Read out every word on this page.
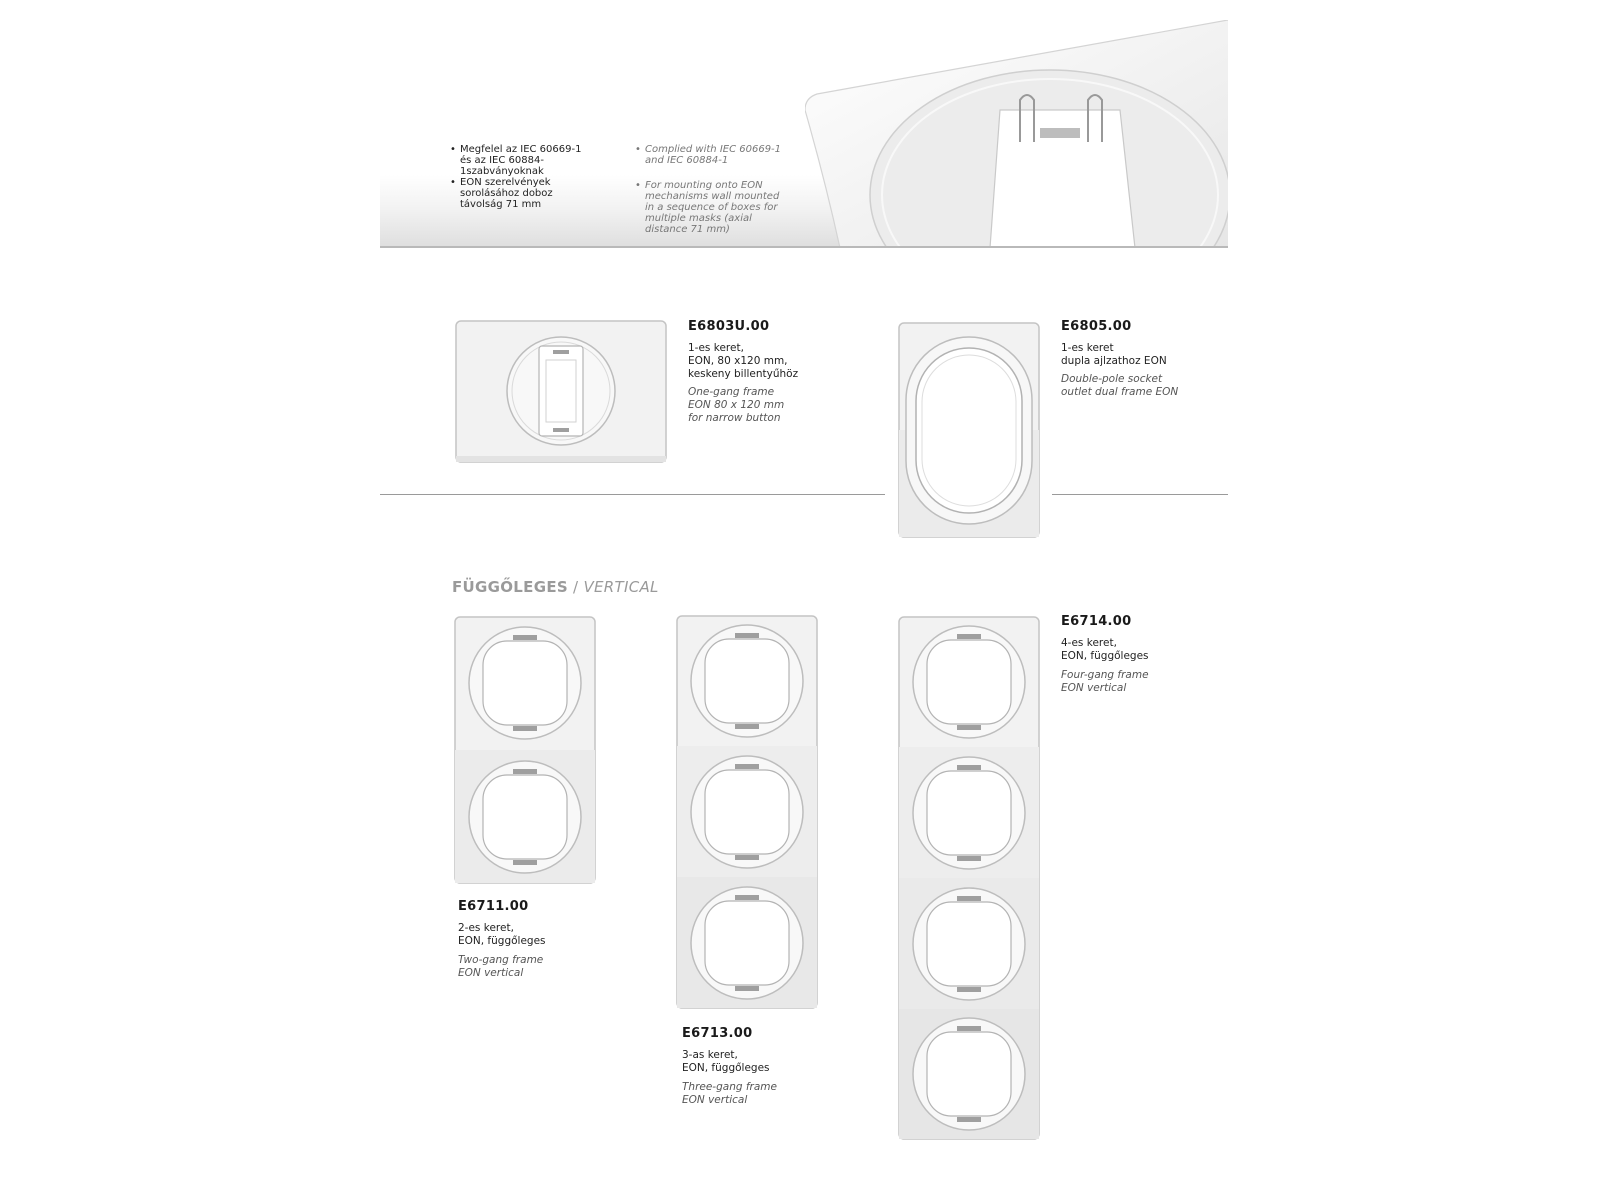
• Megfelel az IEC 60669-1 és az IEC 60884-1szabványoknak
• EON szerelvények sorolásához doboz távolság 71 mm
• Complied with IEC 60669-1 and IEC 60884-1
• For mounting onto EON mechanisms wall mounted in a sequence of boxes for multiple masks (axial distance 71 mm)
E6803U.00
1-es keret,
EON, 80 x120 mm,
keskeny billentyűhöz
One-gang frame
EON 80 x 120 mm
for narrow button
E6805.00
1-es keret
dupla ajlzathoz EON
Double-pole socket
outlet dual frame EON
FÜGGŐLEGES / VERTICAL
E6711.00
2-es keret,
EON, függőleges
Two-gang frame
EON vertical
E6713.00
3-as keret,
EON, függőleges
Three-gang frame
EON vertical
E6714.00
4-es keret,
EON, függőleges
Four-gang frame
EON vertical
